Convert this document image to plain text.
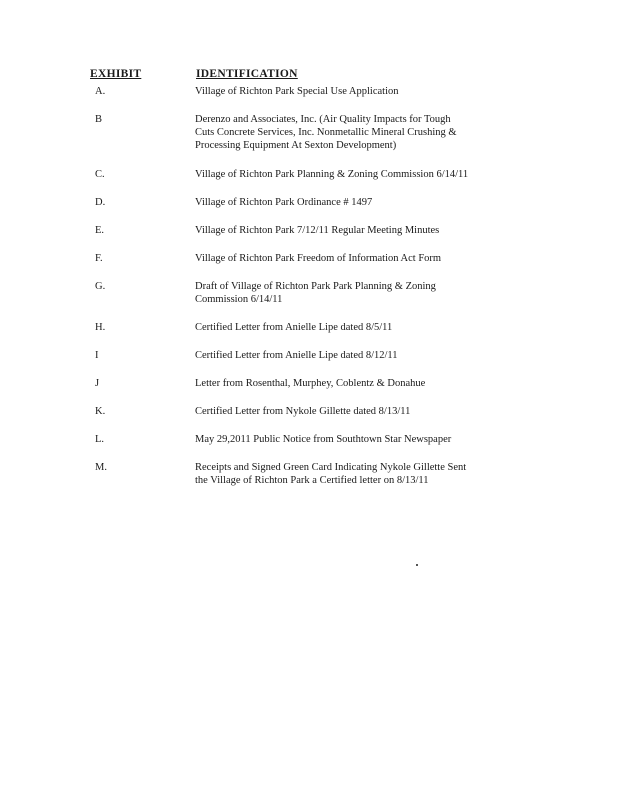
EXHIBIT	IDENTIFICATION
A.	Village of Richton Park Special Use Application
B	Derenzo and Associates, Inc. (Air Quality Impacts for Tough
Cuts Concrete Services, Inc. Nonmetallic Mineral Crushing &
Processing Equipment At Sexton Development)
C.	Village of Richton Park Planning & Zoning Commission 6/14/11
D.	Village of Richton Park Ordinance # 1497
E.	Village of Richton Park 7/12/11 Regular Meeting Minutes
F.	Village of Richton Park Freedom of Information Act Form
G.	Draft of Village of Richton Park Park Planning & Zoning
Commission 6/14/11
H.	Certified Letter from Anielle Lipe dated 8/5/11
I	Certified Letter from Anielle Lipe dated 8/12/11
J	Letter from Rosenthal, Murphey, Coblentz & Donahue
K.	Certified Letter from Nykole Gillette dated 8/13/11
L.	May 29,2011 Public Notice from Southtown Star Newspaper
M.	Receipts and Signed Green Card Indicating Nykole Gillette Sent
the Village of Richton Park a Certified letter on 8/13/11
